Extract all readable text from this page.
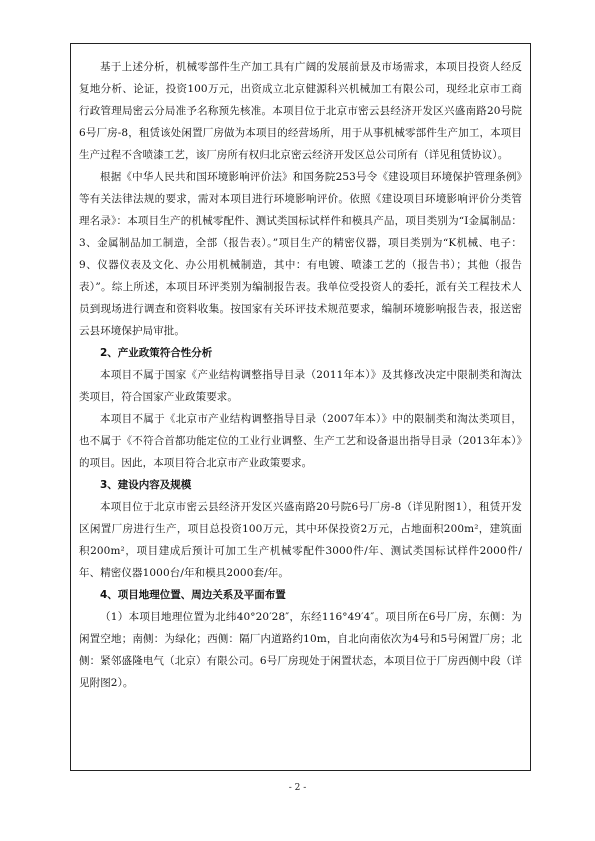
基于上述分析，机械零部件生产加工具有广阔的发展前景及市场需求，本项目投资人经反复地分析、论证，投资100万元，出资成立北京健源科兴机械加工有限公司，现经北京市工商行政管理局密云分局准予名称预先核准。本项目位于北京市密云县经济开发区兴盛南路20号院6号厂房-8，租赁该处闲置厂房做为本项目的经营场所，用于从事机械零部件生产加工，本项目生产过程不含喷漆工艺，该厂房所有权归北京密云经济开发区总公司所有（详见租赁协议）。

根据《中华人民共和国环境影响评价法》和国务院253号令《建设项目环境保护管理条例》等有关法律法规的要求，需对本项目进行环境影响评价。依照《建设项目环境影响评价分类管理名录》：本项目生产的机械零配件、测试类国标试样件和模具产品，项目类别为“I金属制品：3、金属制品加工制造，全部（报告表）。”项目生产的精密仪器，项目类别为“K机械、电子：9、仪器仪表及文化、办公用机械制造，其中：有电镀、喷漆工艺的（报告书）；其他（报告表）”。综上所述，本项目环评类别为编制报告表。我单位受投资人的委托，派有关工程技术人员到现场进行调查和资料收集。按国家有关环评技术规范要求，编制环境影响报告表，报送密云县环境保护局审批。

2、产业政策符合性分析

本项目不属于国家《产业结构调整指导目录（2011年本）》及其修改决定中限制类和淘汰类项目，符合国家产业政策要求。

本项目不属于《北京市产业结构调整指导目录（2007年本）》中的限制类和淘汰类项目，也不属于《不符合首都功能定位的工业行业调整、生产工艺和设备退出指导目录（2013年本）》的项目。因此，本项目符合北京市产业政策要求。

3、建设内容及规模

本项目位于北京市密云县经济开发区兴盛南路20号院6号厂房-8（详见附图1），租赁开发区闲置厂房进行生产，项目总投资100万元，其中环保投资2万元，占地面积200m²，建筑面积200m²，项目建成后预计可加工生产机械零配件3000件/年、测试类国标试样件2000件/年、精密仪器1000台/年和模具2000套/年。

4、项目地理位置、周边关系及平面布置

（1）本项目地理位置为北纬40°20′28″，东经116°49′4″。项目所在6号厂房，东侧：为闲置空地；南侧：为绿化；西侧：隔厂内道路约10m，自北向南依次为4号和5号闲置厂房；北侧：紧邻盛隆电气（北京）有限公司。6号厂房现处于闲置状态，本项目位于厂房西侧中段（详见附图2）。

- 2 -
